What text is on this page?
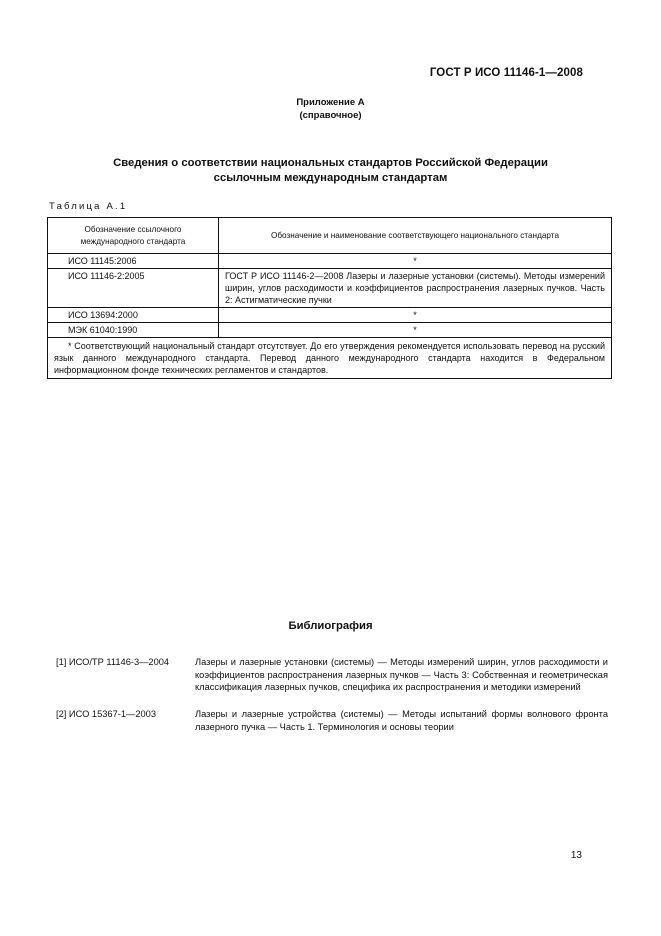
ГОСТ Р ИСО 11146-1—2008
Приложение А
(справочное)
Сведения о соответствии национальных стандартов Российской Федерации
ссылочным международным стандартам
Таблица А.1
Обозначение ссылочного
международного стандарта	Обозначение и наименование соответствующего национального стандарта
ИСО 11145:2006	*
ИСО 11146-2:2005	ГОСТ Р ИСО 11146-2—2008 Лазеры и лазерные установки (системы). Методы измерений ширин, углов расходимости и коэффициентов распространения лазерных пучков. Часть 2: Астигматические пучки
ИСО 13694:2000	*
МЭК 61040:1990	*
* Соответствующий национальный стандарт отсутствует. До его утверждения рекомендуется использовать перевод на русский язык данного международного стандарта. Перевод данного международного стандарта находится в Федеральном информационном фонде технических регламентов и стандартов.	
Библиография
[1] ИСО/ТР 11146-3—2004	Лазеры и лазерные установки (системы) — Методы измерений ширин, углов расходимости и коэффициентов распространения лазерных пучков — Часть 3: Собственная и геометрическая классификация лазерных пучков, специфика их распространения и методики измерений
[2] ИСО 15367-1—2003	Лазеры и лазерные устройства (системы) — Методы испытаний формы волнового фронта лазерного пучка — Часть 1. Терминология и основы теории
13
